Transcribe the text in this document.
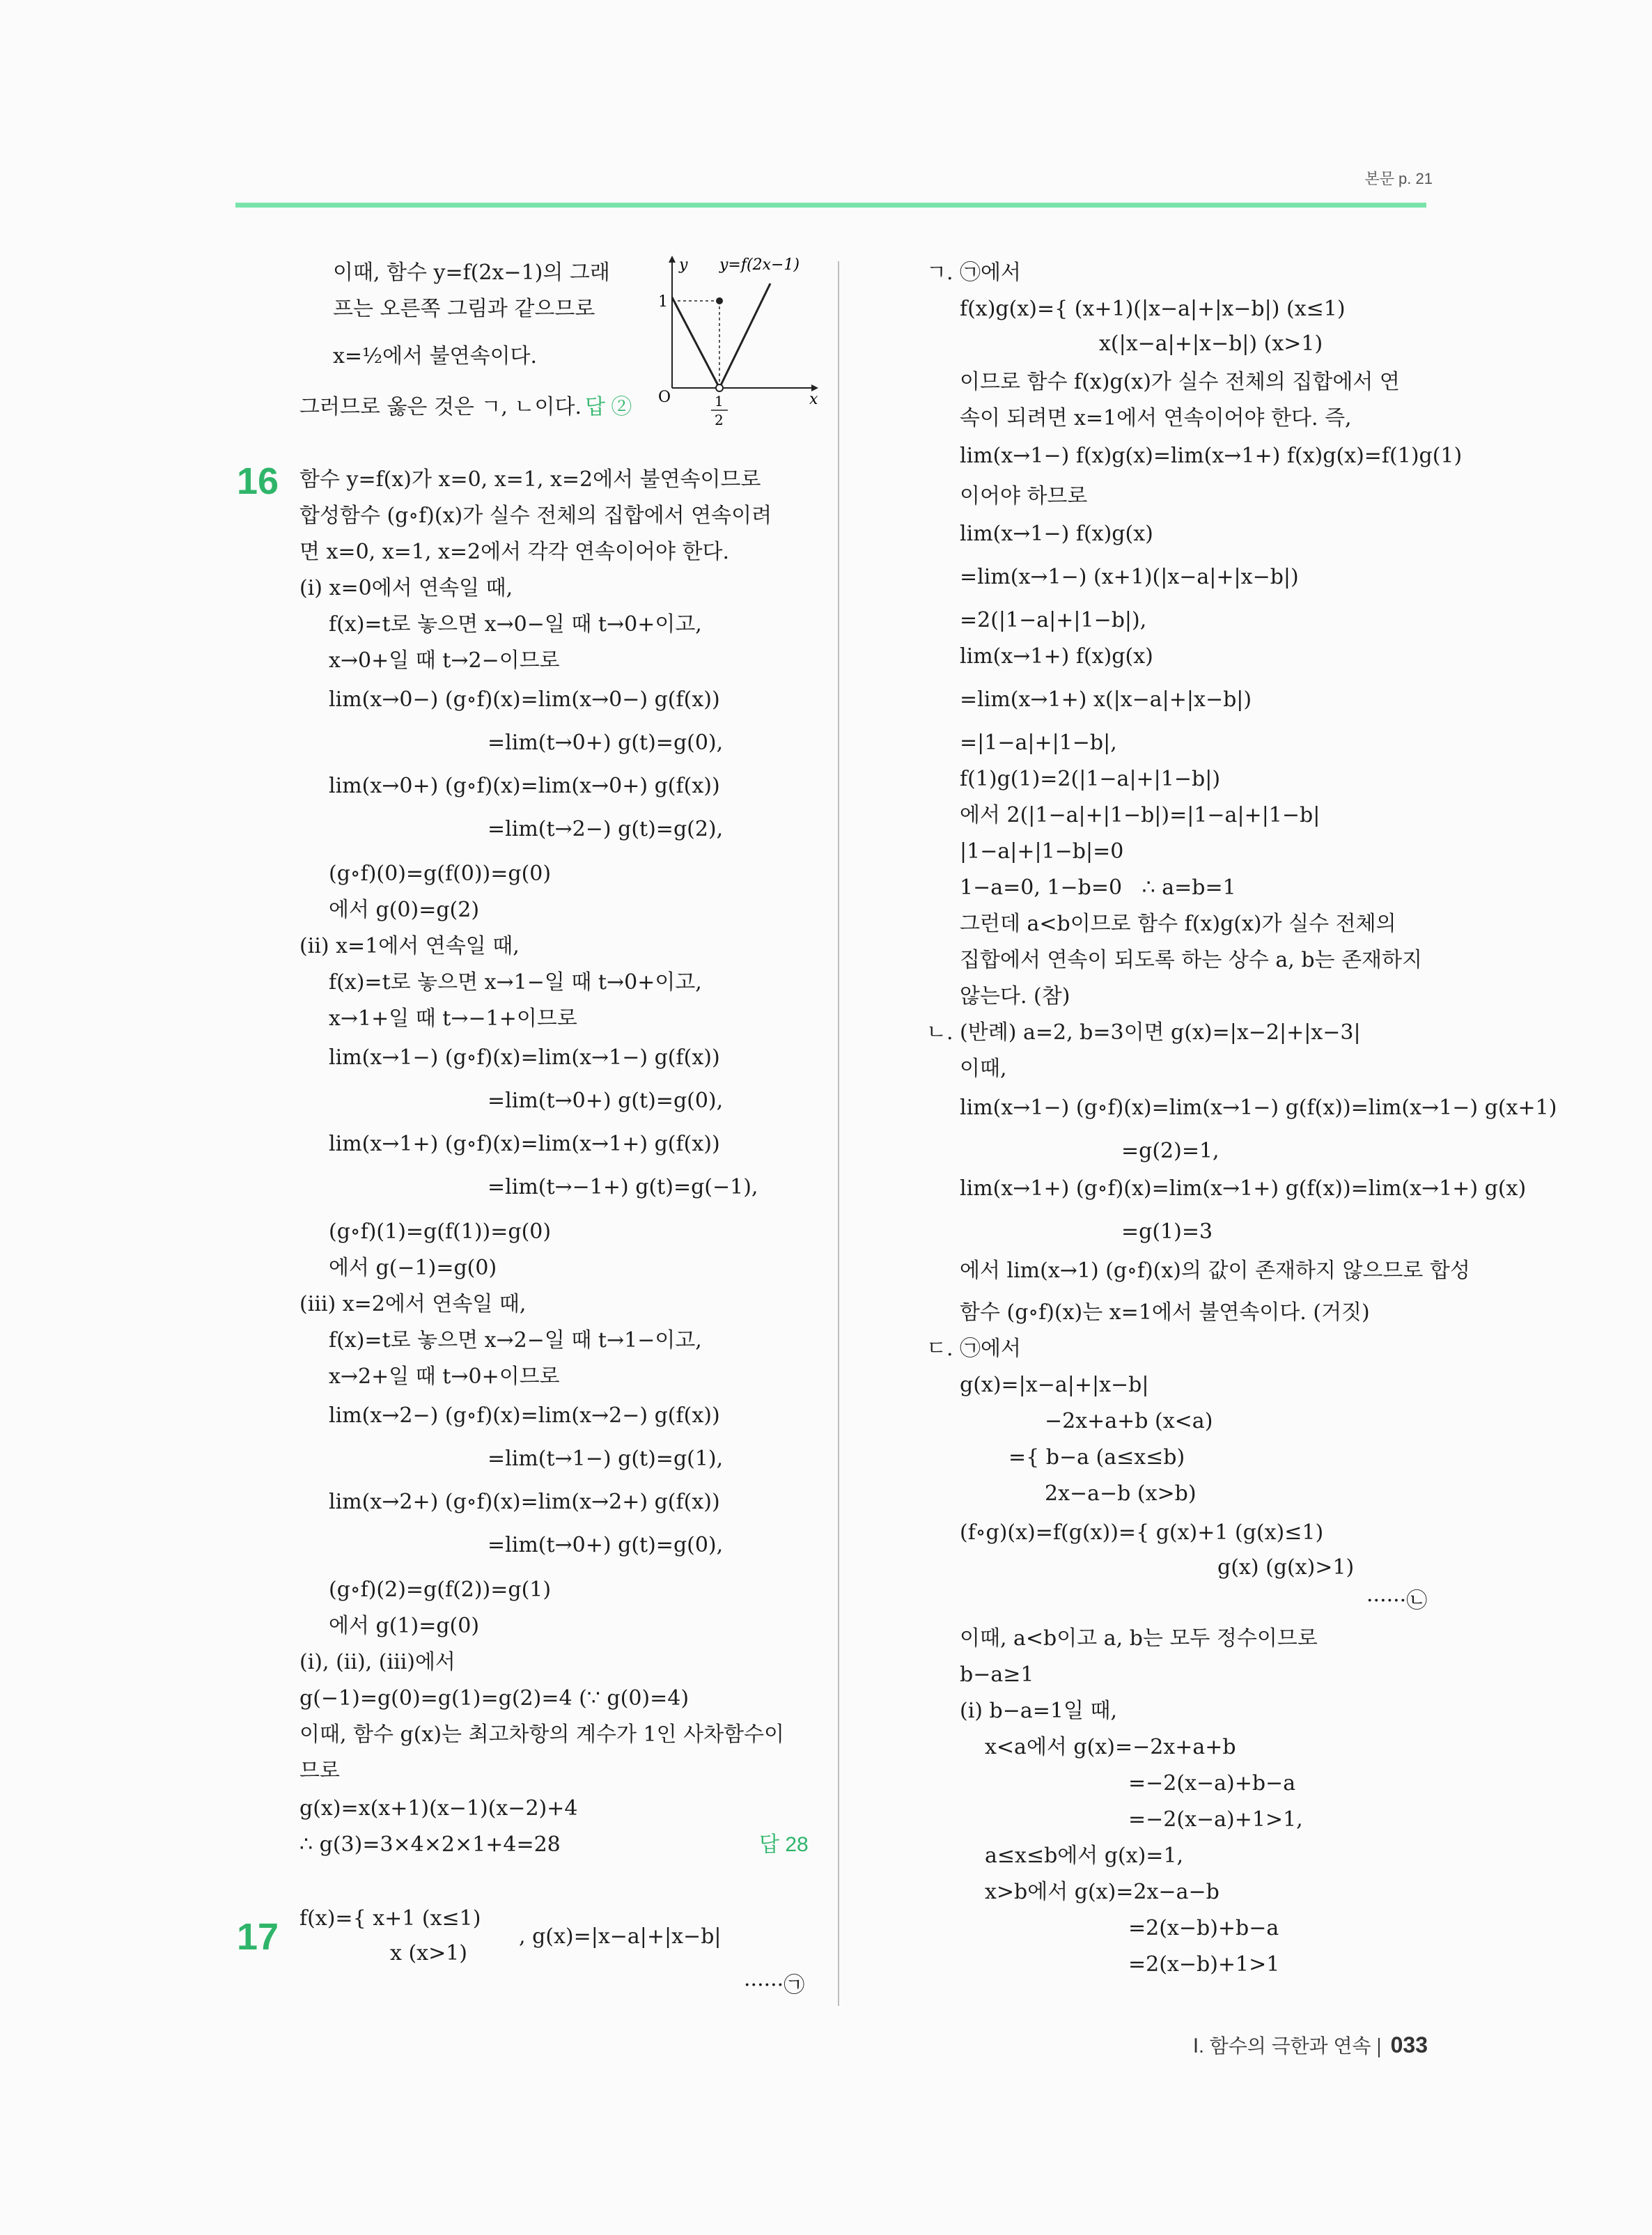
본문 p. 21
y
x
y=f(2x−1)
1
O	1
2
이때, 함수 y=f(2x−1)의 그래
프는 오른쪽 그림과 같으므로
x=½에서 불연속이다.
그러므로 옳은 것은 ㄱ, ㄴ이다. 답 ②
16 함수 y=f(x)가 x=0, x=1, x=2에서 불연속이므로
합성함수 (g∘f)(x)가 실수 전체의 집합에서 연속이려
면 x=0, x=1, x=2에서 각각 연속이어야 한다.
(ⅰ) x=0에서 연속일 때,
f(x)=t로 놓으면 x→0−일 때 t→0+이고,
x→0+일 때 t→2−이므로
lim(x→0−) (g∘f)(x)=lim(x→0−) g(f(x))
=lim(t→0+) g(t)=g(0),
lim(x→0+) (g∘f)(x)=lim(x→0+) g(f(x))
=lim(t→2−) g(t)=g(2),
(g∘f)(0)=g(f(0))=g(0)
에서 g(0)=g(2)
(ⅱ) x=1에서 연속일 때,
f(x)=t로 놓으면 x→1−일 때 t→0+이고,
x→1+일 때 t→−1+이므로
lim(x→1−) (g∘f)(x)=lim(x→1−) g(f(x))
=lim(t→0+) g(t)=g(0),
lim(x→1+) (g∘f)(x)=lim(x→1+) g(f(x))
=lim(t→−1+) g(t)=g(−1),
(g∘f)(1)=g(f(1))=g(0)
에서 g(−1)=g(0)
(ⅲ) x=2에서 연속일 때,
f(x)=t로 놓으면 x→2−일 때 t→1−이고,
x→2+일 때 t→0+이므로
lim(x→2−) (g∘f)(x)=lim(x→2−) g(f(x))
=lim(t→1−) g(t)=g(1),
lim(x→2+) (g∘f)(x)=lim(x→2+) g(f(x))
=lim(t→0+) g(t)=g(0),
(g∘f)(2)=g(f(2))=g(1)
에서 g(1)=g(0)
(ⅰ), (ⅱ), (ⅲ)에서
g(−1)=g(0)=g(1)=g(2)=4 (∵ g(0)=4)
이때, 함수 g(x)는 최고차항의 계수가 1인 사차함수이
므로
g(x)=x(x+1)(x−1)(x−2)+4
∴ g(3)=3×4×2×1+4=28	답 28
17 f(x)={ x+1 (x≤1)
x (x>1)
, g(x)=|x−a|+|x−b|
······㉠
ㄱ. ㉠에서
f(x)g(x)={ (x+1)(|x−a|+|x−b|) (x≤1)
x(|x−a|+|x−b|) (x>1)
이므로 함수 f(x)g(x)가 실수 전체의 집합에서 연
속이 되려면 x=1에서 연속이어야 한다. 즉,
lim(x→1−) f(x)g(x)=lim(x→1+) f(x)g(x)=f(1)g(1)
이어야 하므로
lim(x→1−) f(x)g(x)
=lim(x→1−) (x+1)(|x−a|+|x−b|)
=2(|1−a|+|1−b|),
lim(x→1+) f(x)g(x)
=lim(x→1+) x(|x−a|+|x−b|)
=|1−a|+|1−b|,
f(1)g(1)=2(|1−a|+|1−b|)
에서 2(|1−a|+|1−b|)=|1−a|+|1−b|
|1−a|+|1−b|=0
1−a=0, 1−b=0   ∴ a=b=1
그런데 a<b이므로 함수 f(x)g(x)가 실수 전체의
집합에서 연속이 되도록 하는 상수 a, b는 존재하지
않는다. (참)
ㄴ. (반례) a=2, b=3이면 g(x)=|x−2|+|x−3|
이때,
lim(x→1−) (g∘f)(x)=lim(x→1−) g(f(x))=lim(x→1−) g(x+1)
=g(2)=1,
lim(x→1+) (g∘f)(x)=lim(x→1+) g(f(x))=lim(x→1+) g(x)
=g(1)=3
에서 lim(x→1) (g∘f)(x)의 값이 존재하지 않으므로 합성
함수 (g∘f)(x)는 x=1에서 불연속이다. (거짓)
ㄷ. ㉠에서
g(x)=|x−a|+|x−b|
−2x+a+b (x<a)
={ b−a (a≤x≤b)
2x−a−b (x>b)
(f∘g)(x)=f(g(x))={ g(x)+1 (g(x)≤1)
g(x) (g(x)>1)
······㉡
이때, a<b이고 a, b는 모두 정수이므로
b−a≥1
(ⅰ) b−a=1일 때,
x<a에서 g(x)=−2x+a+b
=−2(x−a)+b−a
=−2(x−a)+1>1,
a≤x≤b에서 g(x)=1,
x>b에서 g(x)=2x−a−b
=2(x−b)+b−a
=2(x−b)+1>1
Ⅰ. 함수의 극한과 연속 033
